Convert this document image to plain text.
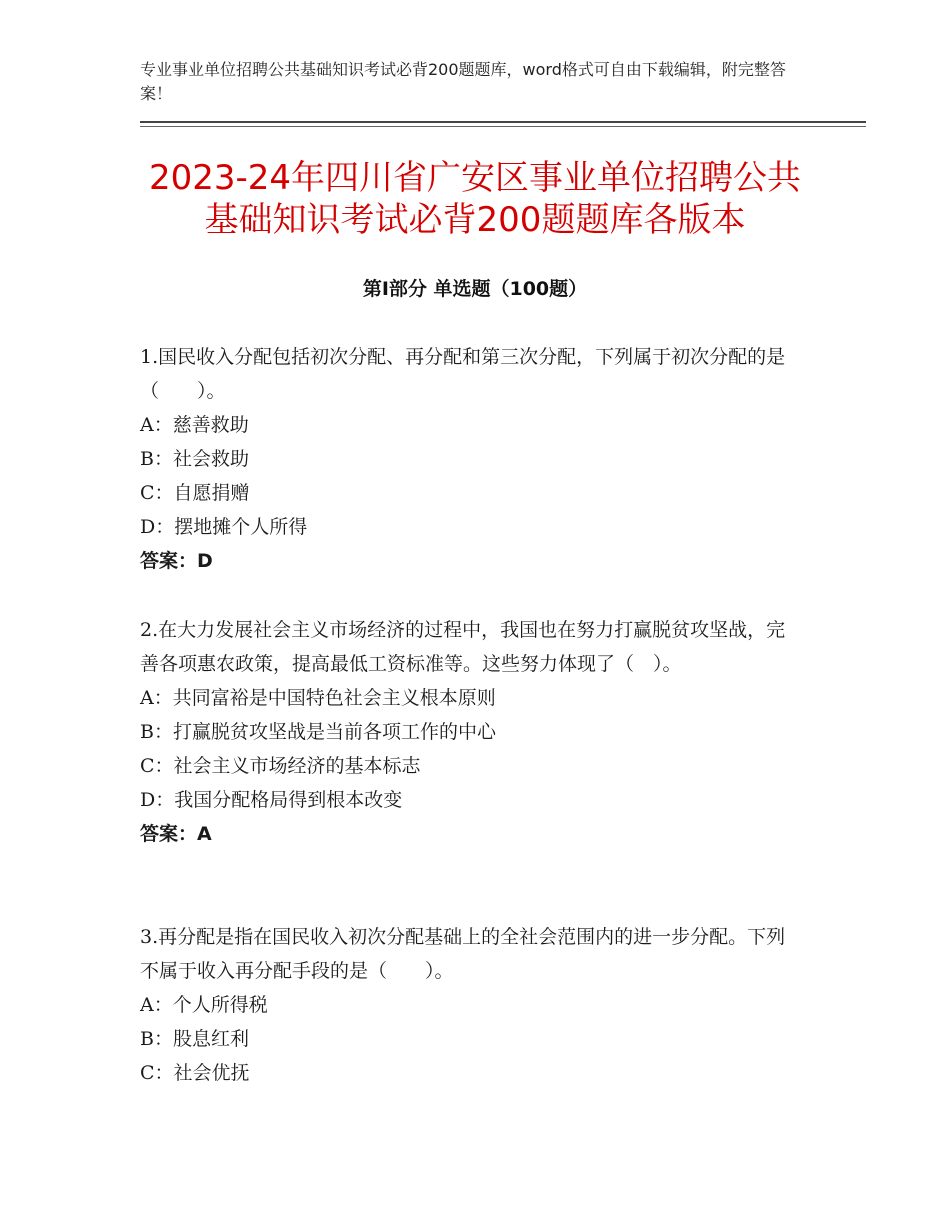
专业事业单位招聘公共基础知识考试必背200题题库，word格式可自由下载编辑，附完整答案！
2023-24年四川省广安区事业单位招聘公共
基础知识考试必背200题题库各版本
第Ⅰ部分 单选题（100题）

1.国民收入分配包括初次分配、再分配和第三次分配，下列属于初次分配的是（　　）。

A：慈善救助

B：社会救助

C：自愿捐赠

D：摆地摊个人所得

答案：D

2.在大力发展社会主义市场经济的过程中，我国也在努力打赢脱贫攻坚战，完善各项惠农政策，提高最低工资标准等。这些努力体现了（　）。

A：共同富裕是中国特色社会主义根本原则

B：打赢脱贫攻坚战是当前各项工作的中心

C：社会主义市场经济的基本标志

D：我国分配格局得到根本改变

答案：A

3.再分配是指在国民收入初次分配基础上的全社会范围内的进一步分配。下列不属于收入再分配手段的是（　　）。

A：个人所得税

B：股息红利

C：社会优抚
